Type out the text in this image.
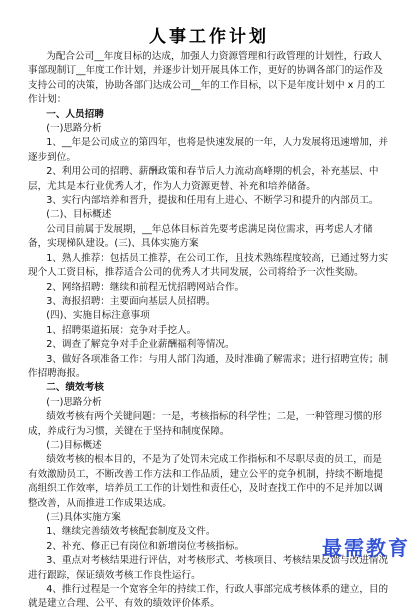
人事工作计划

为配合公司__年度目标的达成，加强人力资源管理和行政管理的计划性，行政人事部现制订__年度工作计划，并逐步计划开展具体工作，更好的协调各部门的运作及支持公司的决策，协助各部门达成公司__年的工作目标，以下是年度计划中 x 月的工作计划：

一、人员招聘

(一)思路分析

1、__年是公司成立的第四年，也将是快速发展的一年，人力发展将迅速增加，并逐步到位。

2、利用公司的招聘、薪酬政策和春节后人力流动高峰期的机会，补充基层、中层，尤其是本行业优秀人才，作为人力资源更替、补充和培养储备。

3、实行内部培养和晋升，提拔和任用有上进心、不断学习和提升的内部员工。

(二)、目标概述

公司目前属于发展期，__年总体目标首先要考虑满足岗位需求，再考虑人才储备，实现梯队建设。(三)、具体实施方案

1、熟人推荐：包括员工推荐，在公司工作，且技术熟练程度较高，已通过努力实现个人工资目标，推荐适合公司的优秀人才共同发展，公司将给予一次性奖励。

2、网络招聘：继续和前程无忧招聘网站合作。

3、海报招聘：主要面向基层人员招聘。

(四)、实施目标注意事项

1、招聘渠道拓展：竞争对手挖人。

2、调查了解竞争对手企业薪酬福利等情况。

3、做好各项准备工作：与用人部门沟通，及时准确了解需求；进行招聘宣传；制作招聘海报。

二、绩效考核

(一)思路分析

绩效考核有两个关键问题：一是，考核指标的科学性；二是，一种管理习惯的形成，养成行为习惯，关键在于坚持和制度保障。

(二)目标概述

绩效考核的根本目的，不是为了处罚未完成工作指标和不尽职尽责的员工，而是有效激励员工，不断改善工作方法和工作品质，建立公平的竞争机制，持续不断地提高组织工作效率，培养员工工作的计划性和责任心，及时查找工作中的不足并加以调整改善，从而推进工作成果达成。

(三)具体实施方案

1、继续完善绩效考核配套制度及文件。

2、补充、修正已有岗位和新增岗位考核指标。

3、重点对考核结果进行评估，对考核形式、考核项目、考核结果反馈与改进情况进行跟踪，保证绩效考核工作良性运行。

4、推行过程是一个宽容全年的持续工作，行政人事部完成考核体系的建立，目的就是建立合理、公平、有效的绩效评价体系。

最需教育
